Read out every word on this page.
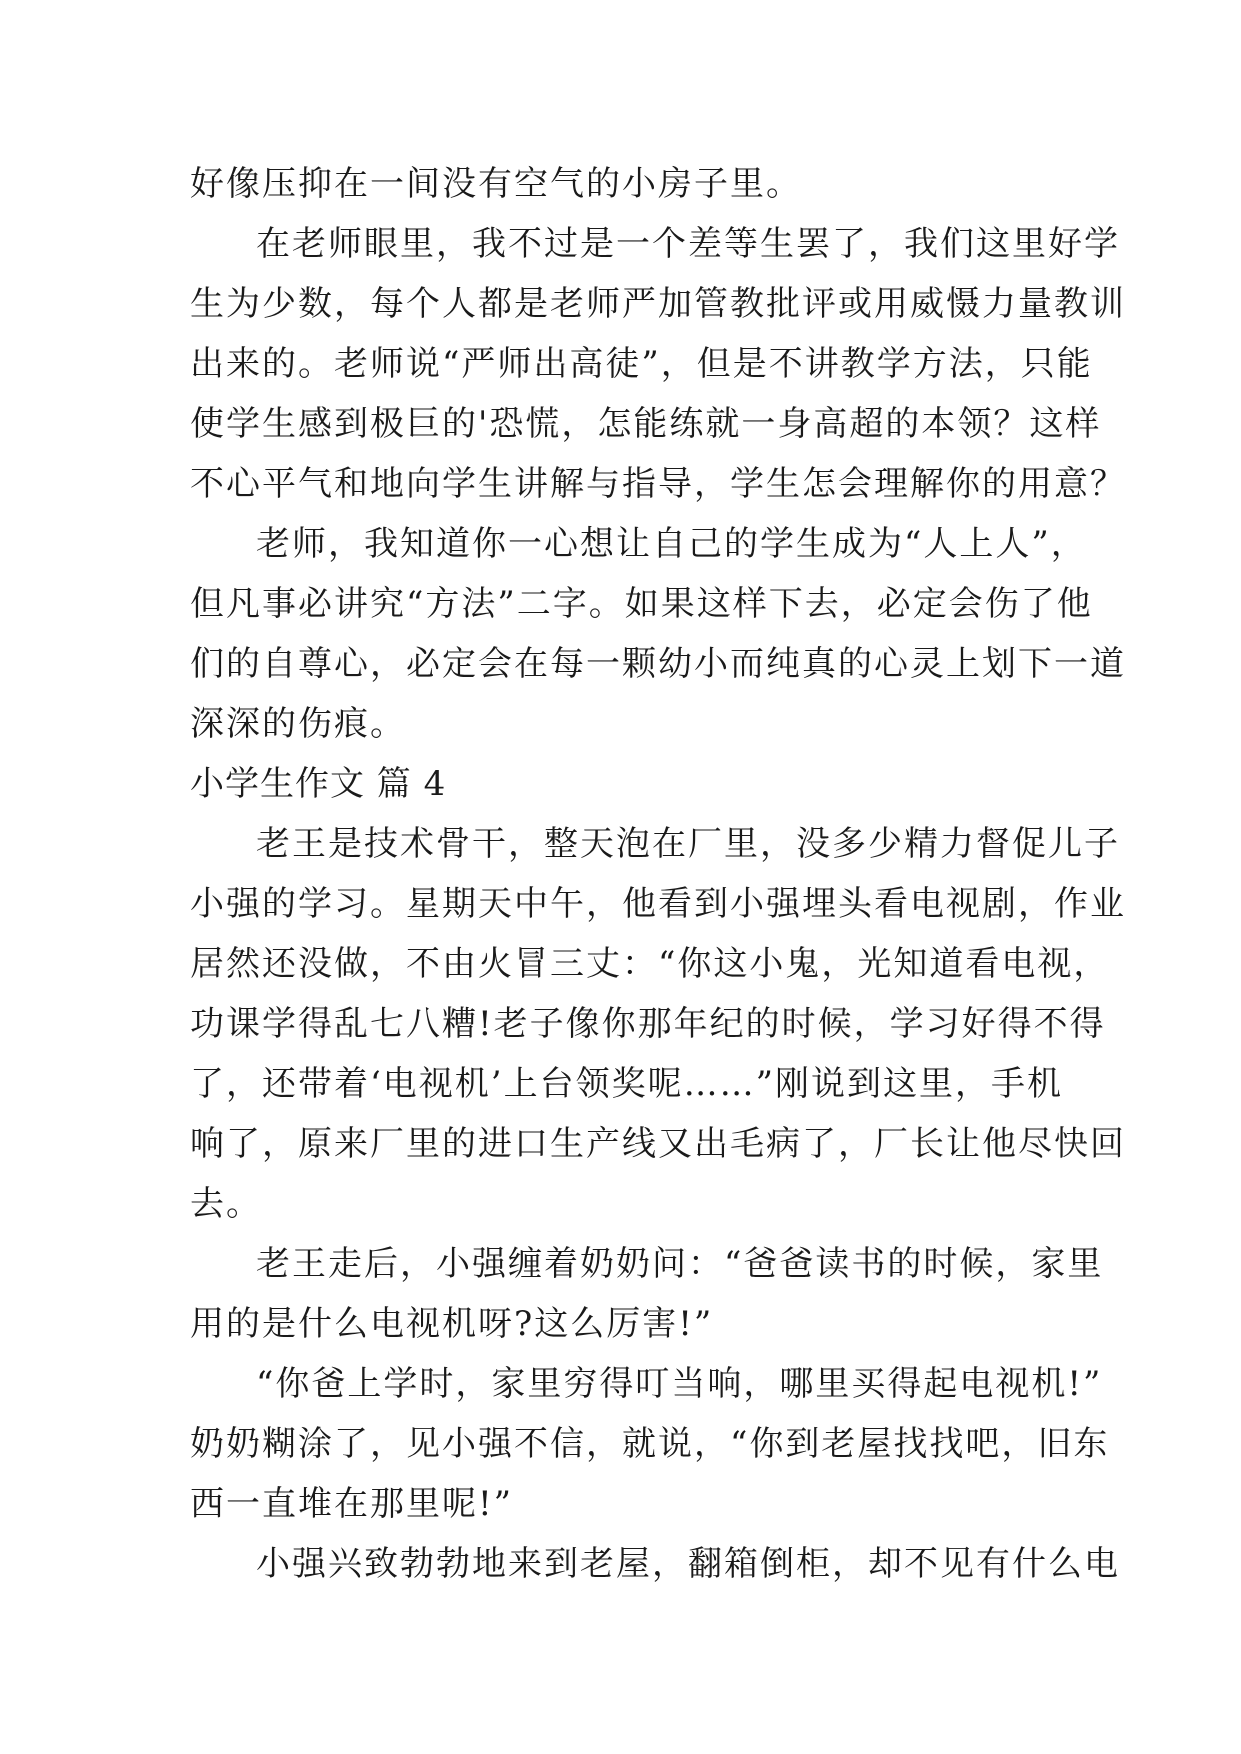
好像压抑在一间没有空气的小房子里。
在老师眼里，我不过是一个差等生罢了，我们这里好学
生为少数，每个人都是老师严加管教批评或用威慑力量教训
出来的。老师说“严师出高徒”，但是不讲教学方法，只能
使学生感到极巨的'恐慌，怎能练就一身高超的本领？这样
不心平气和地向学生讲解与指导，学生怎会理解你的用意？
老师，我知道你一心想让自己的学生成为“人上人”，
但凡事必讲究“方法”二字。如果这样下去，必定会伤了他
们的自尊心，必定会在每一颗幼小而纯真的心灵上划下一道
深深的伤痕。
小学生作文 篇 4
老王是技术骨干，整天泡在厂里，没多少精力督促儿子
小强的学习。星期天中午，他看到小强埋头看电视剧，作业
居然还没做，不由火冒三丈：“你这小鬼，光知道看电视，
功课学得乱七八糟!老子像你那年纪的时候，学习好得不得
了，还带着‘电视机’上台领奖呢……”刚说到这里，手机
响了，原来厂里的进口生产线又出毛病了，厂长让他尽快回
去。
老王走后，小强缠着奶奶问：“爸爸读书的时候，家里
用的是什么电视机呀?这么厉害!”
“你爸上学时，家里穷得叮当响，哪里买得起电视机!”
奶奶糊涂了，见小强不信，就说，“你到老屋找找吧，旧东
西一直堆在那里呢!”
小强兴致勃勃地来到老屋，翻箱倒柜，却不见有什么电
